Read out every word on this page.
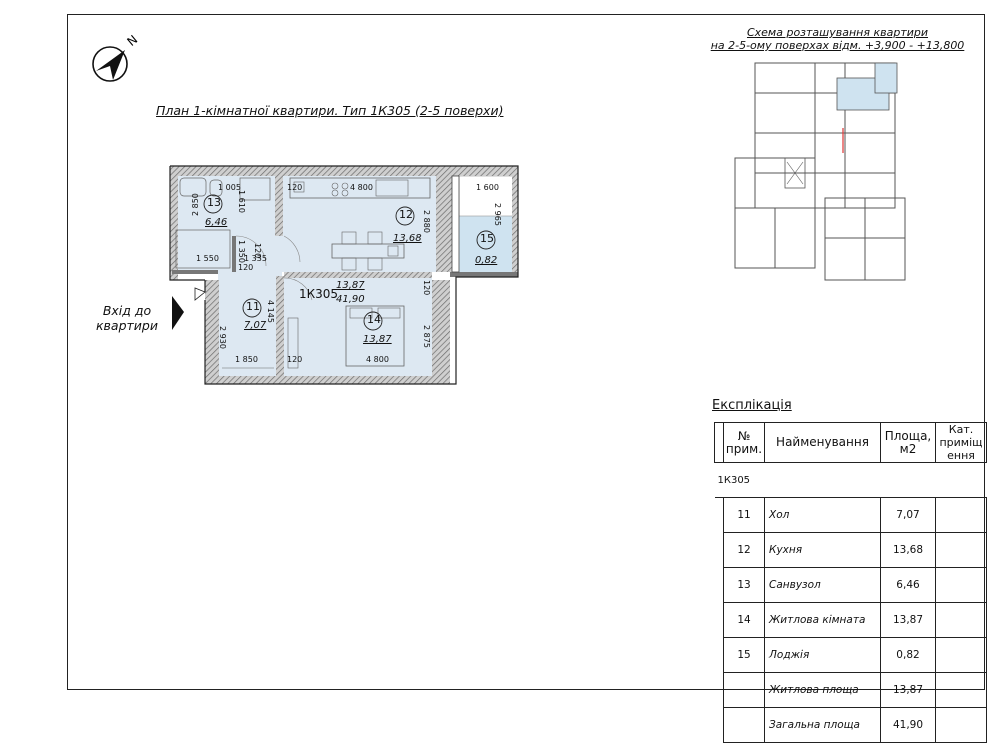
N
План 1-кімнатної квартири. Тип 1К305 (2-5 поверхи)
Схема розташування квартири
на 2-5-ому поверхах відм. +3,900 - +13,800
Вхід до
квартири
13
6,46
12
13,68
11
7,07	14
13,87
15
0,82
1К305
13,87
41,90
1 005	120	4 800	1 600
1 610
2 850
2 880	2 965
120
1 350
1 550	1 335
120
120
4 145
2 930	2 875
1 850	120	4 800
Експлікація
	№ прим.	Найменування	Площа, м2	Кат. приміщ ення
1К305				
	11	Хол	7,07	
	12	Кухня	13,68	
	13	Санвузол	6,46	
	14	Житлова кімната	13,87	
	15	Лоджія	0,82	
		Житлова площа	13,87	
		Загальна площа	41,90	
